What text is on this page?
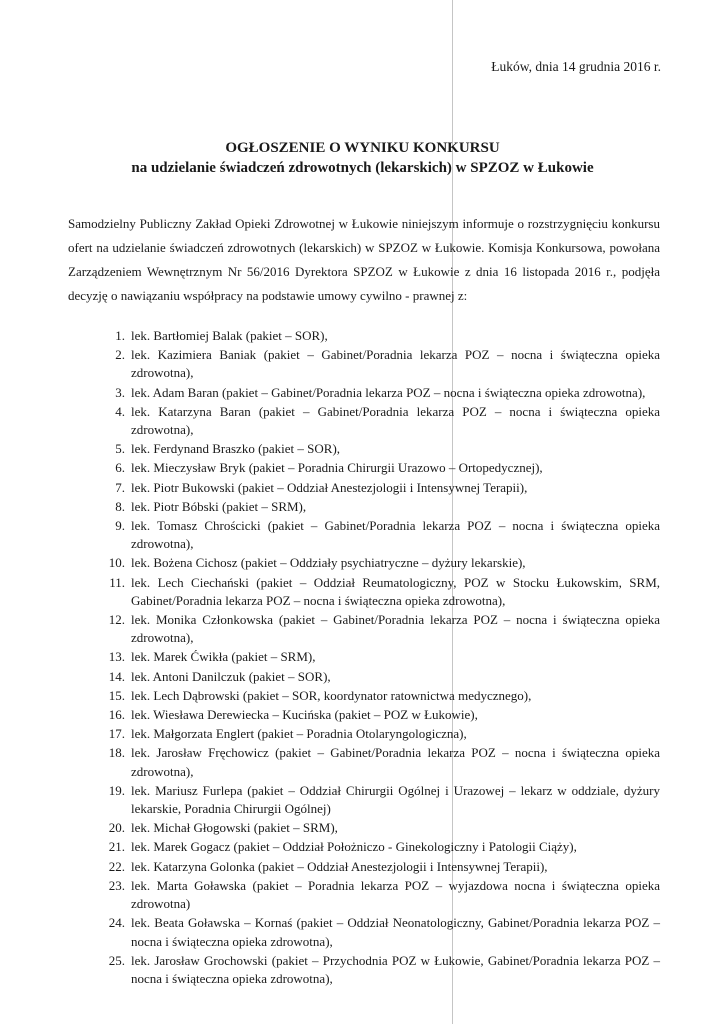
Łuków, dnia 14 grudnia 2016 r.
OGŁOSZENIE O WYNIKU KONKURSU
na udzielanie świadczeń zdrowotnych (lekarskich) w SPZOZ w Łukowie

Samodzielny Publiczny Zakład Opieki Zdrowotnej w Łukowie niniejszym informuje o rozstrzygnięciu konkursu ofert na udzielanie świadczeń zdrowotnych (lekarskich) w SPZOZ w Łukowie. Komisja Konkursowa, powołana Zarządzeniem Wewnętrznym Nr 56/2016 Dyrektora SPZOZ w Łukowie z dnia 16 listopada 2016 r., podjęła decyzję o nawiązaniu współpracy na podstawie umowy cywilno - prawnej z:

1. lek. Bartłomiej Balak (pakiet – SOR),
2. lek. Kazimiera Baniak (pakiet – Gabinet/Poradnia lekarza POZ – nocna i świąteczna opieka zdrowotna),
3. lek. Adam Baran (pakiet – Gabinet/Poradnia lekarza POZ – nocna i świąteczna opieka zdrowotna),
4. lek. Katarzyna Baran (pakiet – Gabinet/Poradnia lekarza POZ – nocna i świąteczna opieka zdrowotna),
5. lek. Ferdynand Braszko (pakiet – SOR),
6. lek. Mieczysław Bryk (pakiet – Poradnia Chirurgii Urazowo – Ortopedycznej),
7. lek. Piotr Bukowski (pakiet – Oddział Anestezjologii i Intensywnej Terapii),
8. lek. Piotr Bóbski (pakiet – SRM),
9. lek. Tomasz Chrościcki (pakiet – Gabinet/Poradnia lekarza POZ – nocna i świąteczna opieka zdrowotna),
10. lek. Bożena Cichosz (pakiet – Oddziały psychiatryczne – dyżury lekarskie),
11. lek. Lech Ciechański (pakiet – Oddział Reumatologiczny, POZ w Stocku Łukowskim, SRM, Gabinet/Poradnia lekarza POZ – nocna i świąteczna opieka zdrowotna),
12. lek. Monika Członkowska (pakiet – Gabinet/Poradnia lekarza POZ – nocna i świąteczna opieka zdrowotna),
13. lek. Marek Ćwikła (pakiet – SRM),
14. lek. Antoni Danilczuk (pakiet – SOR),
15. lek. Lech Dąbrowski (pakiet – SOR, koordynator ratownictwa medycznego),
16. lek. Wiesława Derewiecka – Kucińska (pakiet – POZ w Łukowie),
17. lek. Małgorzata Englert (pakiet – Poradnia Otolaryngologiczna),
18. lek. Jarosław Fręchowicz (pakiet – Gabinet/Poradnia lekarza POZ – nocna i świąteczna opieka zdrowotna),
19. lek. Mariusz Furlepa (pakiet – Oddział Chirurgii Ogólnej i Urazowej – lekarz w oddziale, dyżury lekarskie, Poradnia Chirurgii Ogólnej)
20. lek. Michał Głogowski (pakiet – SRM),
21. lek. Marek Gogacz (pakiet – Oddział Położniczo - Ginekologiczny i Patologii Ciąży),
22. lek. Katarzyna Golonka (pakiet – Oddział Anestezjologii i Intensywnej Terapii),
23. lek. Marta Goławska (pakiet – Poradnia lekarza POZ – wyjazdowa nocna i świąteczna opieka zdrowotna)
24. lek. Beata Goławska – Kornaś (pakiet – Oddział Neonatologiczny, Gabinet/Poradnia lekarza POZ – nocna i świąteczna opieka zdrowotna),
25. lek. Jarosław Grochowski (pakiet – Przychodnia POZ w Łukowie, Gabinet/Poradnia lekarza POZ – nocna i świąteczna opieka zdrowotna),
